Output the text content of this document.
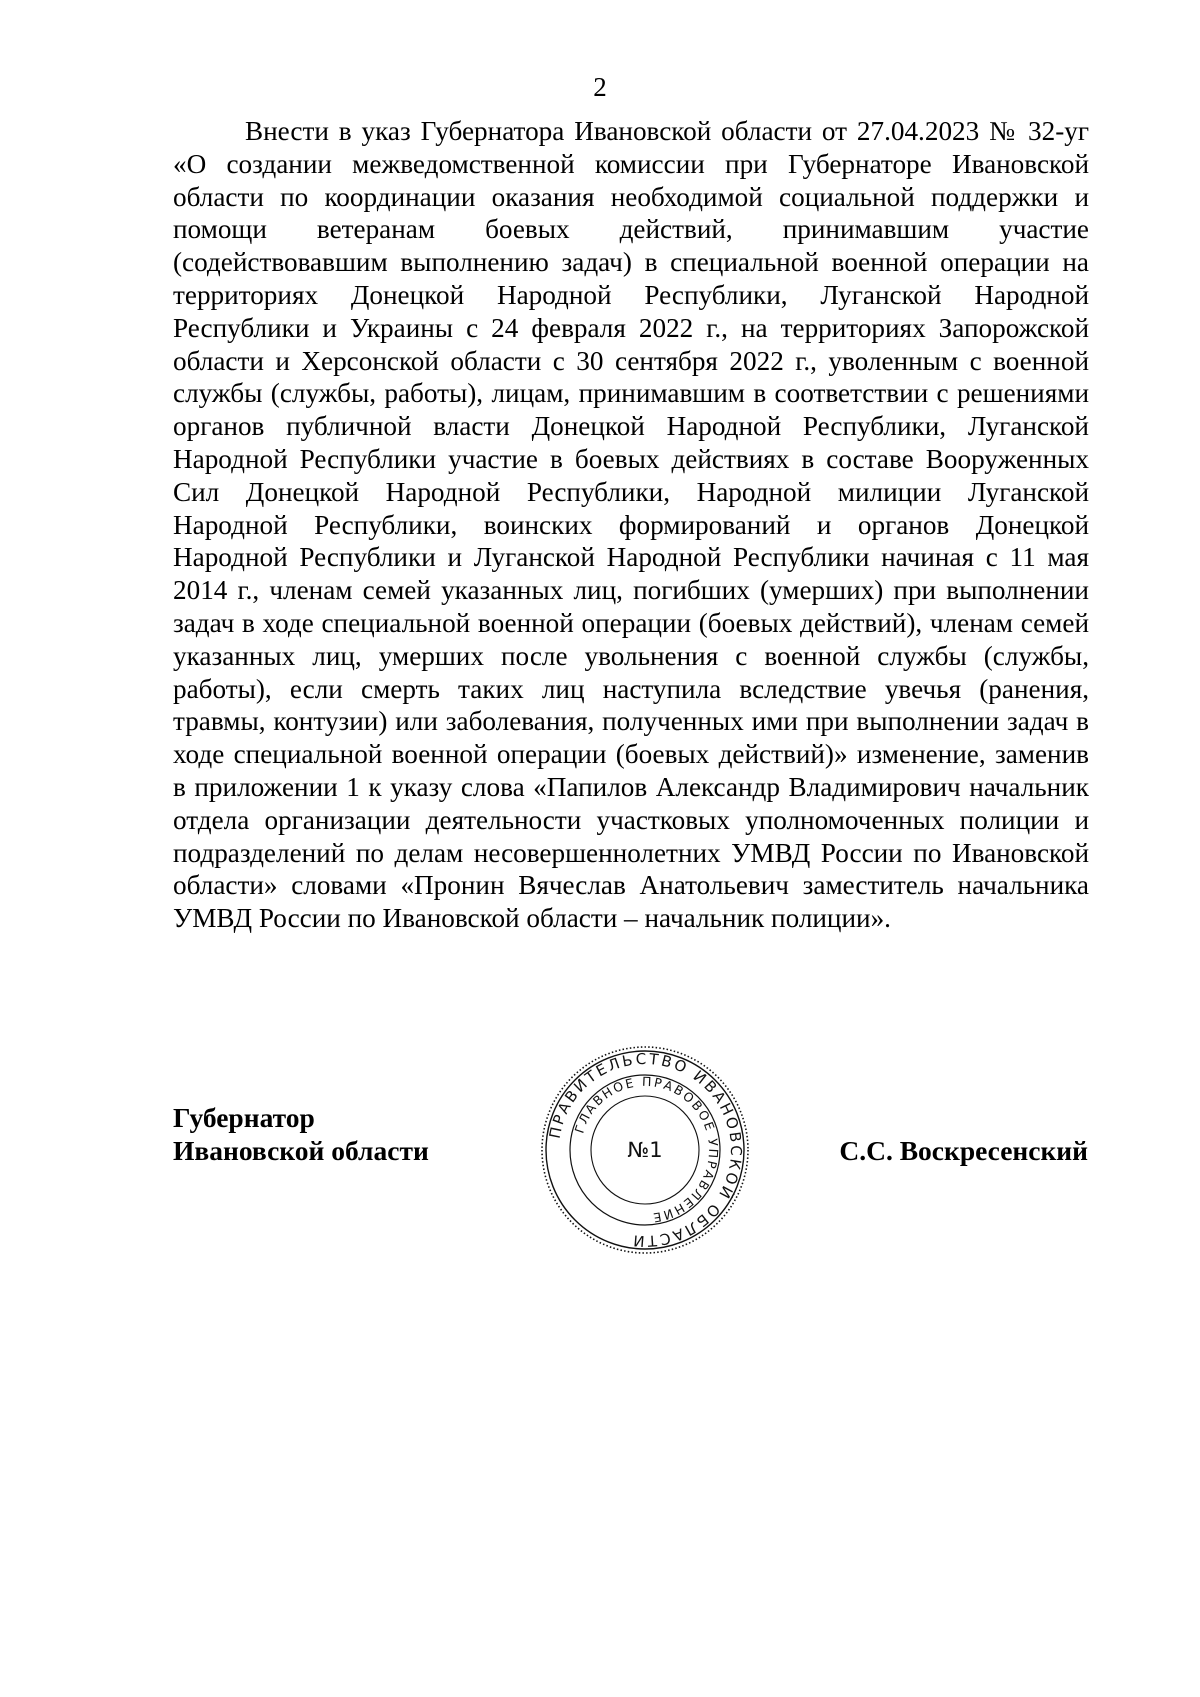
2

Внести в указ Губернатора Ивановской области от 27.04.2023 № 32-уг «О создании межведомственной комиссии при Губернаторе Ивановской области по координации оказания необходимой социальной поддержки и помощи ветеранам боевых действий, принимавшим участие (содействовавшим выполнению задач) в специальной военной операции на территориях Донецкой Народной Республики, Луганской Народной Республики и Украины с 24 февраля 2022 г., на территориях Запорожской области и Херсонской области с 30 сентября 2022 г., уволенным с военной службы (службы, работы), лицам, принимавшим в соответствии с решениями органов публичной власти Донецкой Народной Республики, Луганской Народной Республики участие в боевых действиях в составе Вооруженных Сил Донецкой Народной Республики, Народной милиции Луганской Народной Республики, воинских формирований и органов Донецкой Народной Республики и Луганской Народной Республики начиная с 11 мая 2014 г., членам семей указанных лиц, погибших (умерших) при выполнении задач в ходе специальной военной операции (боевых действий), членам семей указанных лиц, умерших после увольнения с военной службы (службы, работы), если смерть таких лиц наступила вследствие увечья (ранения, травмы, контузии) или заболевания, полученных ими при выполнении задач в ходе специальной военной операции (боевых действий)» изменение, заменив в приложении 1 к указу слова «Папилов Александр Владимирович начальник отдела организации деятельности участковых уполномоченных полиции и подразделений по делам несовершеннолетних УМВД России по Ивановской области» словами «Пронин Вячеслав Анатольевич заместитель начальника УМВД России по Ивановской области – начальник полиции».

Губернатор
Ивановской области	С.С. Воскресенский
ПРАВИТЕЛЬСТВО ИВАНОВСКОЙ ОБЛАСТИ
ГЛАВНОЕ ПРАВОВОЕ УПРАВЛЕНИЕ
№1
